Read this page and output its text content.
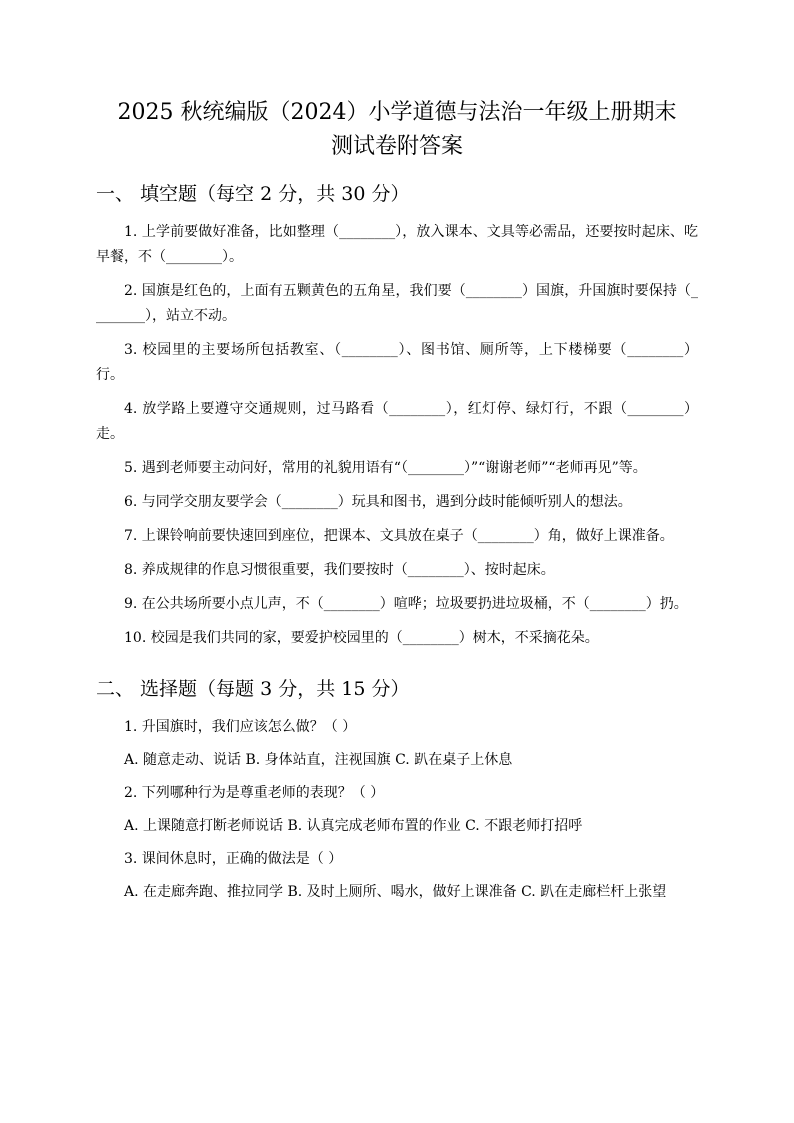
2025 秋统编版（2024）小学道德与法治一年级上册期末
测试卷附答案
一、 填空题（每空 2 分，共 30 分）

1. 上学前要做好准备，比如整理（________），放入课本、文具等必需品，还要按时起床、吃早餐，不（________）。

2. 国旗是红色的，上面有五颗黄色的五角星，我们要（________）国旗，升国旗时要保持（________），站立不动。

3. 校园里的主要场所包括教室、（________）、图书馆、厕所等，上下楼梯要（________）行。

4. 放学路上要遵守交通规则，过马路看（________），红灯停、绿灯行，不跟（________）走。

5. 遇到老师要主动问好，常用的礼貌用语有“（________）”“谢谢老师”“老师再见”等。

6. 与同学交朋友要学会（________）玩具和图书，遇到分歧时能倾听别人的想法。

7. 上课铃响前要快速回到座位，把课本、文具放在桌子（________）角，做好上课准备。

8. 养成规律的作息习惯很重要，我们要按时（________）、按时起床。

9. 在公共场所要小点儿声，不（________）喧哗；垃圾要扔进垃圾桶，不（________）扔。

10. 校园是我们共同的家，要爱护校园里的（________）树木，不采摘花朵。

二、 选择题（每题 3 分，共 15 分）

1. 升国旗时，我们应该怎么做？（ ）

A. 随意走动、说话 B. 身体站直，注视国旗 C. 趴在桌子上休息

2. 下列哪种行为是尊重老师的表现？（ ）

A. 上课随意打断老师说话 B. 认真完成老师布置的作业 C. 不跟老师打招呼

3. 课间休息时，正确的做法是（ ）

A. 在走廊奔跑、推拉同学 B. 及时上厕所、喝水，做好上课准备 C. 趴在走廊栏杆上张望
